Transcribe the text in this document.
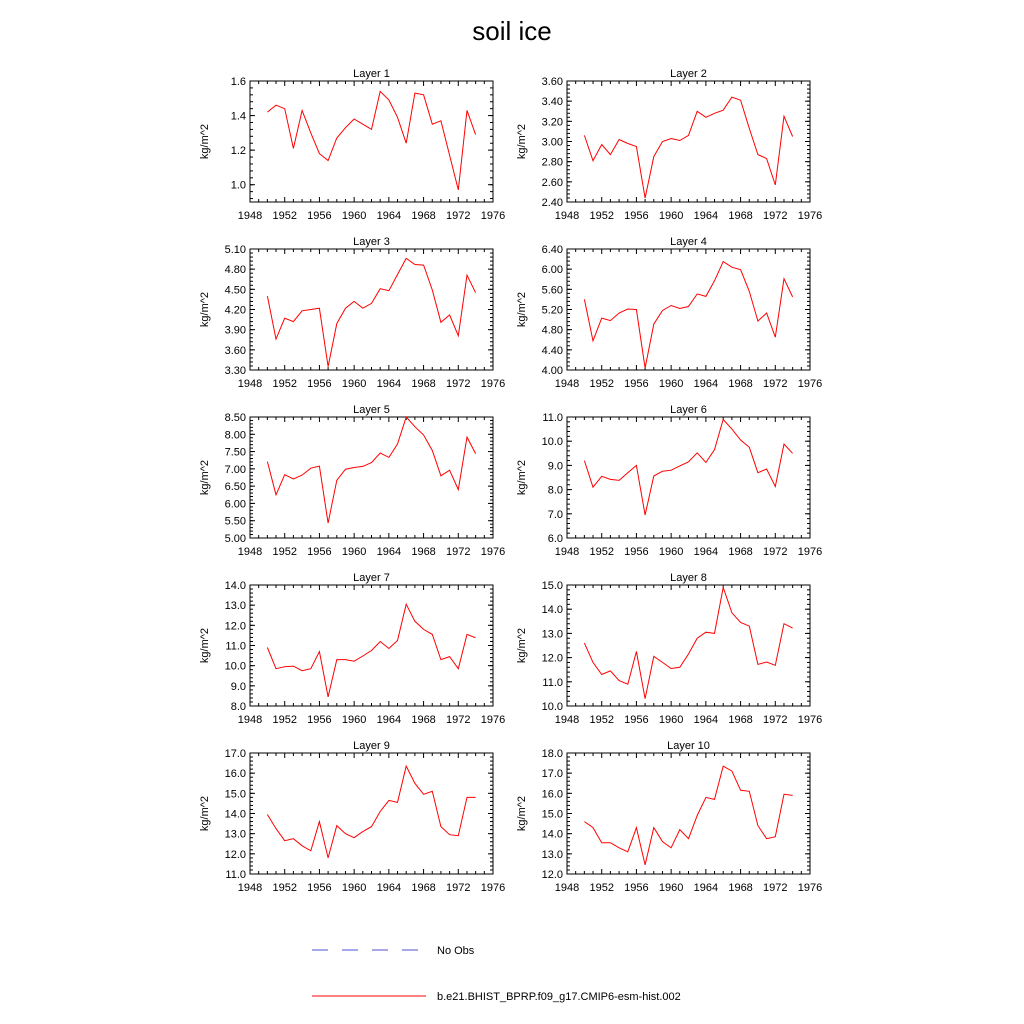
soil ice
Layer 1
kg/m^2
1948 1952 1956 1960 1964 1968 1972 1976
1.0
1.2
1.4
1.6
Layer 2
kg/m^2
1948 1952 1956 1960 1964 1968 1972 1976
2.40
2.60
2.80
3.00
3.20
3.40
3.60
Layer 3
kg/m^2
1948 1952 1956 1960 1964 1968 1972 1976
3.30
3.60
3.90
4.20
4.50
4.80
5.10
Layer 4
kg/m^2
1948 1952 1956 1960 1964 1968 1972 1976
4.00
4.40
4.80
5.20
5.60
6.00
6.40
Layer 5
kg/m^2
1948 1952 1956 1960 1964 1968 1972 1976
5.00
5.50
6.00
6.50
7.00
7.50
8.00
8.50
Layer 6
kg/m^2
1948 1952 1956 1960 1964 1968 1972 1976
6.0
7.0
8.0
9.0
10.0
11.0
Layer 7
kg/m^2
1948 1952 1956 1960 1964 1968 1972 1976
8.0
9.0
10.0
11.0
12.0
13.0
14.0
Layer 8
kg/m^2
1948 1952 1956 1960 1964 1968 1972 1976
10.0
11.0
12.0
13.0
14.0
15.0
Layer 9
kg/m^2
1948 1952 1956 1960 1964 1968 1972 1976
11.0
12.0
13.0
14.0
15.0
16.0
17.0
Layer 10
kg/m^2
1948 1952 1956 1960 1964 1968 1972 1976
12.0
13.0
14.0
15.0
16.0
17.0
18.0
No Obs
b.e21.BHIST_BPRP.f09_g17.CMIP6-esm-hist.002
